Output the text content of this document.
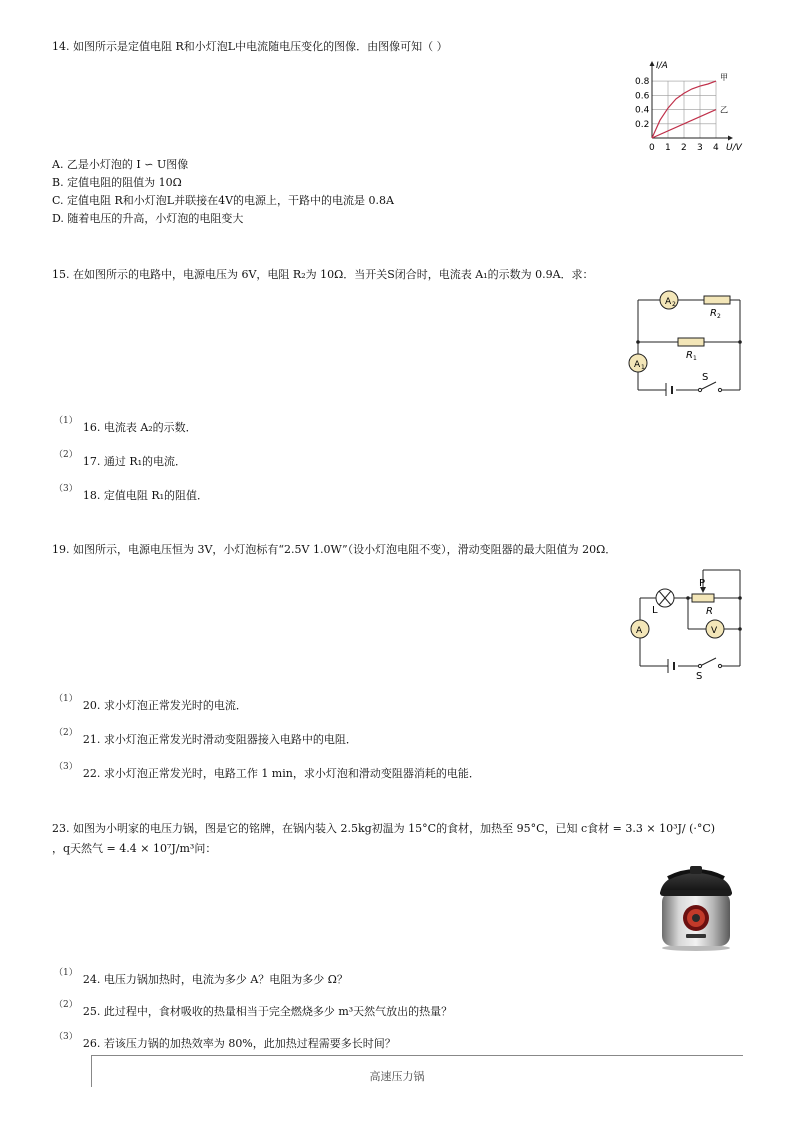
14. 如图所示是定值电阻 R和小灯泡L中电流随电压变化的图像．由图像可知（ ）
0 1 2 3 4
0.2
0.4
0.6
0.8
U/V
I/A
甲
乙
A. 乙是小灯泡的 I ∽ U图像
B. 定值电阻的阻值为 10Ω
C. 定值电阻 R和小灯泡L并联接在4V的电源上，干路中的电流是 0.8A
D. 随着电压的升高，小灯泡的电阻变大
15. 在如图所示的电路中，电源电压为 6V，电阻 R₂为 10Ω．当开关S闭合时，电流表 A₁的示数为 0.9A．求：
A 2
A 1
R 2
R 1
S
（1） $_{16. 电流表 A_2的示数.}$
（2） $_{17. 通过 R_1的电流.}$
（3） $_{18. 定值电阻 R_1的阻值.}$
19. 如图所示，电源电压恒为 3V，小灯泡标有“2.5V 1.0W”（设小灯泡电阻不变），滑动变阻器的最大阻值为 20Ω．
P
R
L
A	V
S
（1） $_{20. 求小灯泡正常发光时的电流.}$
（2） $_{21. 求小灯泡正常发光时滑动变阻器接入电路中的电阻.}$
（3） $_{22. 求小灯泡正常发光时,电路工作 1 min,求小灯泡和滑动变阻器消耗的电能.}$
23. 如图为小明家的电压力锅，图是它的铭牌，在锅内装入 2.5kg初温为 15°C的食材，加热至 95°C，已知 c食材 = 3.3 × 10³J/ (·°C)
，q天然气 = 4.4 × 10⁷J/m³问：
（1） $_{24. 电压力锅加热时,电流为多少 A?电阻为多少 \Omega?}$
（2） $_{25. 此过程中,食材吸收的热量相当于完全燃烧多少 m^3天然气放出的热量?}$
（3） $_{26. 若该压力锅的加热效率为 80\%,此加热过程需要多长时间?}$
高速压力锅
